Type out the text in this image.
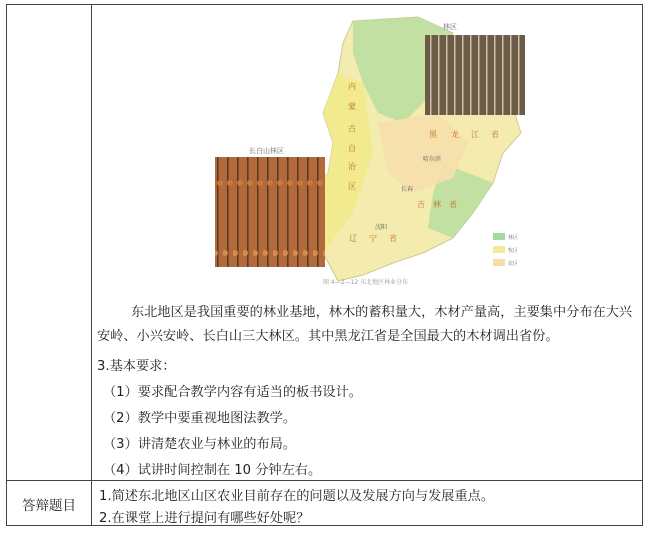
林区
长白山林区
内
蒙
古
自
治
区
黑 龙 江 省
吉 林 省
辽 宁 省
哈尔滨
长春
沈阳
林区
牧区
农区
图 4—2—12 东北地区林业分布
东北地区是我国重要的林业基地，林木的蓄积量大，木材产量高，主要集中分布在大兴安岭、小兴安岭、长白山三大林区。其中黑龙江省是全国最大的木材调出省份。
3.基本要求：
（1）要求配合教学内容有适当的板书设计。
（2）教学中要重视地图法教学。
（3）讲清楚农业与林业的布局。
（4）试讲时间控制在 10 分钟左右。
答辩题目
1.简述东北地区山区农业目前存在的问题以及发展方向与发展重点。
2.在课堂上进行提问有哪些好处呢？
